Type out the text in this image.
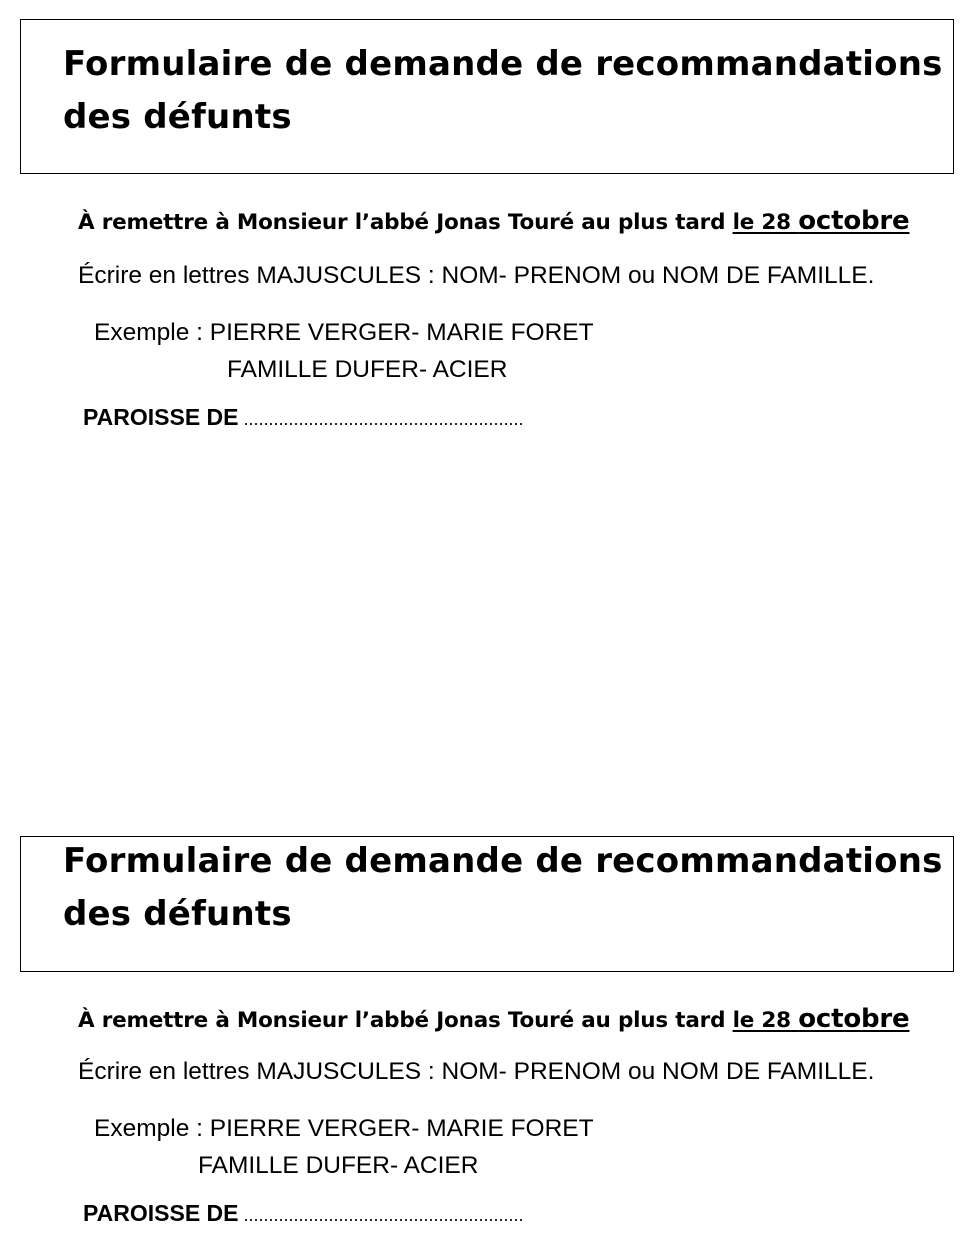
Formulaire de demande de recommandations
des défunts
À remettre à Monsieur l’abbé Jonas Touré au plus tard le 28 octobre
Écrire en lettres MAJUSCULES : NOM- PRENOM ou NOM DE FAMILLE.
Exemple : PIERRE VERGER- MARIE FORET
FAMILLE DUFER- ACIER
PAROISSE DE ........................................................
Formulaire de demande de recommandations
des défunts
À remettre à Monsieur l’abbé Jonas Touré au plus tard le 28 octobre
Écrire en lettres MAJUSCULES : NOM- PRENOM ou NOM DE FAMILLE.
Exemple : PIERRE VERGER- MARIE FORET
FAMILLE DUFER- ACIER
PAROISSE DE ........................................................
